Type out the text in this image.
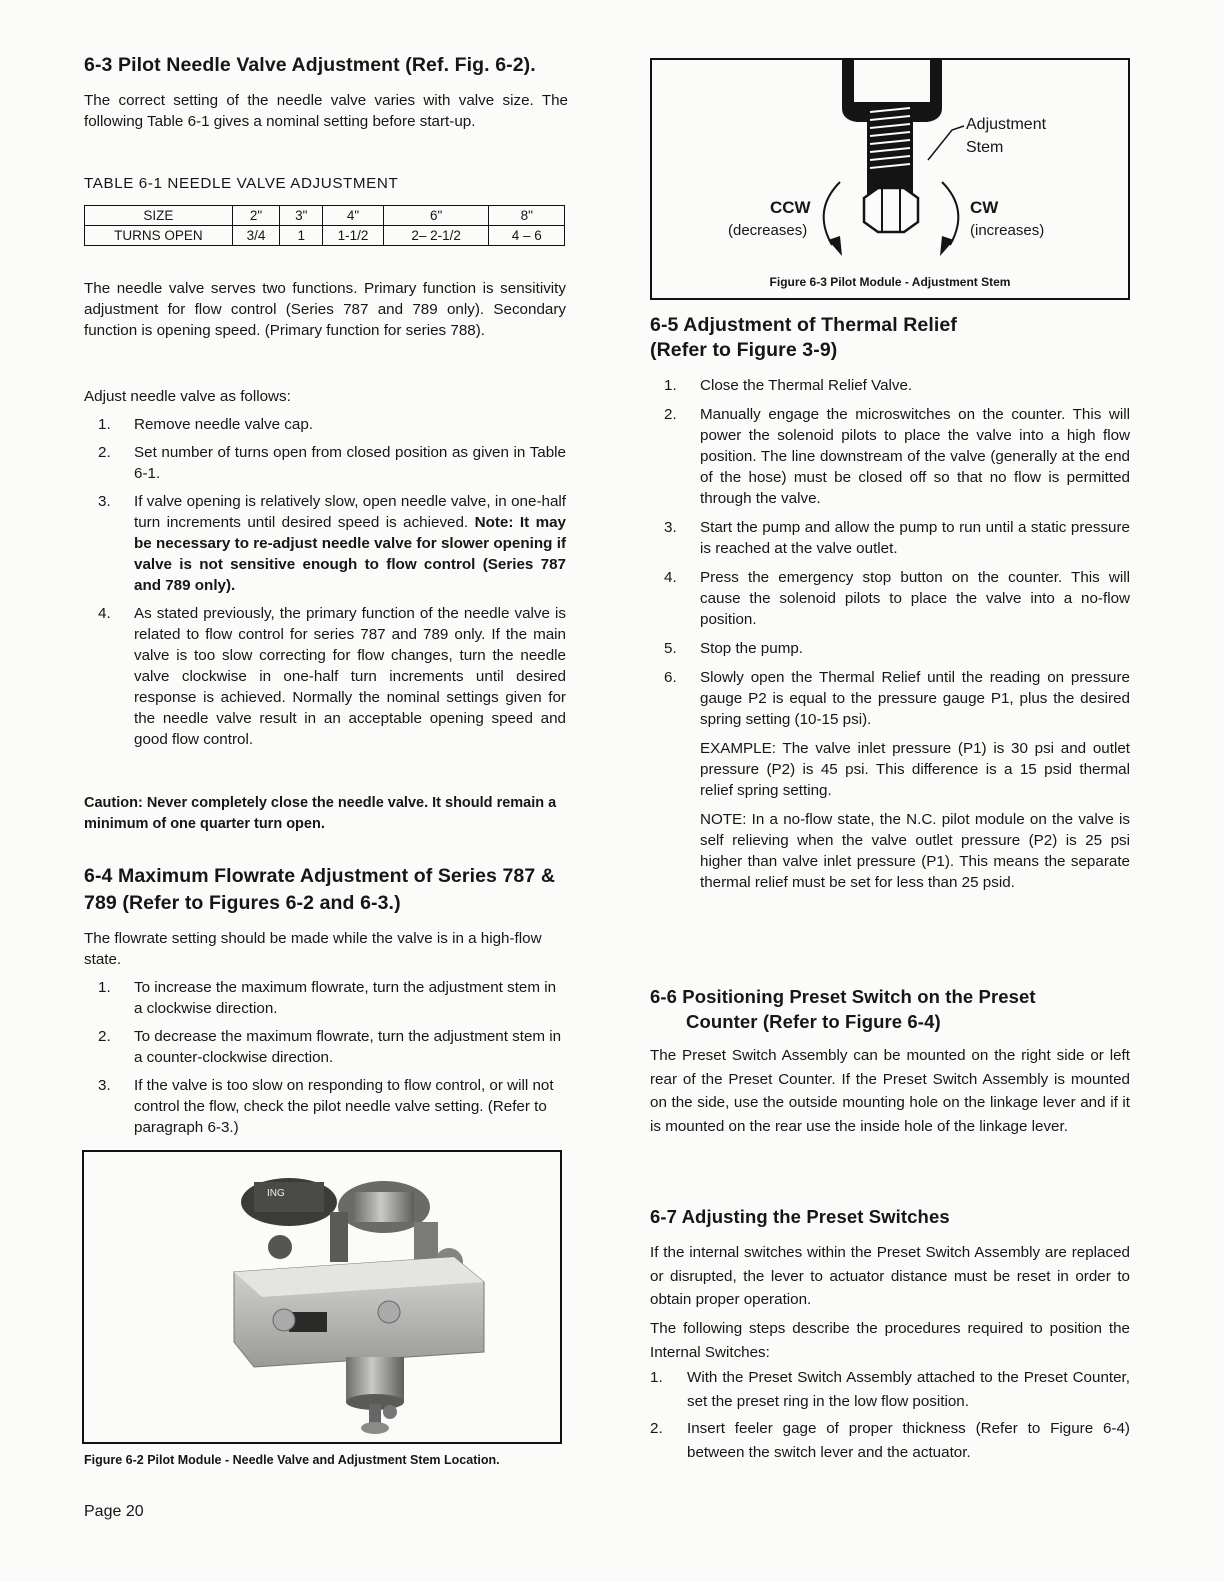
6-3 Pilot Needle Valve Adjustment (Ref. Fig. 6-2).

The correct setting of the needle valve varies with valve size. The following Table 6-1 gives a nominal setting before start-up.

TABLE 6-1 NEEDLE VALVE ADJUSTMENT
SIZE	2"	3"	4"	6"	8"
TURNS OPEN	3/4	1	1-1/2	2– 2-1/2	4 – 6

The needle valve serves two functions. Primary function is sensitivity adjustment for flow control (Series 787 and 789 only). Secondary function is opening speed. (Primary function for series 788).

Adjust needle valve as follows:

1. Remove needle valve cap.
2. Set number of turns open from closed position as given in Table 6-1.
3. If valve opening is relatively slow, open needle valve, in one-half turn increments until desired speed is achieved. Note: It may be necessary to re-adjust needle valve for slower opening if valve is not sensitive enough to flow control (Series 787 and 789 only).
4. As stated previously, the primary function of the needle valve is related to flow control for series 787 and 789 only. If the main valve is too slow correcting for flow changes, turn the needle valve clockwise in one-half turn increments until desired response is achieved. Normally the nominal settings given for the needle valve result in an acceptable opening speed and good flow control.

Caution: Never completely close the needle valve. It should remain a minimum of one quarter turn open.

6-4 Maximum Flowrate Adjustment of Series 787 & 789 (Refer to Figures 6-2 and 6-3.)

The flowrate setting should be made while the valve is in a high-flow state.

1. To increase the maximum flowrate, turn the adjustment stem in a clockwise direction.
2. To decrease the maximum flowrate, turn the adjustment stem in a counter-clockwise direction.
3. If the valve is too slow on responding to flow control, or will not control the flow, check the pilot needle valve setting. (Refer to paragraph 6-3.)
ING
Figure 6-2 Pilot Module - Needle Valve and Adjustment Stem Location.
Page 20
Adjustment
Stem
CCW
(decreases)
CW
(increases)
Figure 6-3 Pilot Module - Adjustment Stem
6-5 Adjustment of Thermal Relief
(Refer to Figure 3-9)
1. Close the Thermal Relief Valve.
2. Manually engage the microswitches on the counter. This will power the solenoid pilots to place the valve into a high flow position. The line downstream of the valve (generally at the end of the hose) must be closed off so that no flow is permitted through the valve.
3. Start the pump and allow the pump to run until a static pressure is reached at the valve outlet.
4. Press the emergency stop button on the counter. This will cause the solenoid pilots to place the valve into a no-flow position.
5. Stop the pump.
6. Slowly open the Thermal Relief until the reading on pressure gauge P2 is equal to the pressure gauge P1, plus the desired spring setting (10-15 psi).
EXAMPLE: The valve inlet pressure (P1) is 30 psi and outlet pressure (P2) is 45 psi. This difference is a 15 psid thermal relief spring setting.
NOTE: In a no-flow state, the N.C. pilot module on the valve is self relieving when the valve outlet pressure (P2) is 25 psi higher than valve inlet pressure (P1). This means the separate thermal relief must be set for less than 25 psid.
6-6 Positioning Preset Switch on the Preset
Counter (Refer to Figure 6-4)

The Preset Switch Assembly can be mounted on the right side or left rear of the Preset Counter. If the Preset Switch Assembly is mounted on the side, use the outside mounting hole on the linkage lever and if it is mounted on the rear use the inside hole of the linkage lever.

6-7 Adjusting the Preset Switches

If the internal switches within the Preset Switch Assembly are replaced or disrupted, the lever to actuator distance must be reset in order to obtain proper operation.

The following steps describe the procedures required to position the Internal Switches:

1. With the Preset Switch Assembly attached to the Preset Counter, set the preset ring in the low flow position.
2. Insert feeler gage of proper thickness (Refer to Figure 6-4) between the switch lever and the actuator.
